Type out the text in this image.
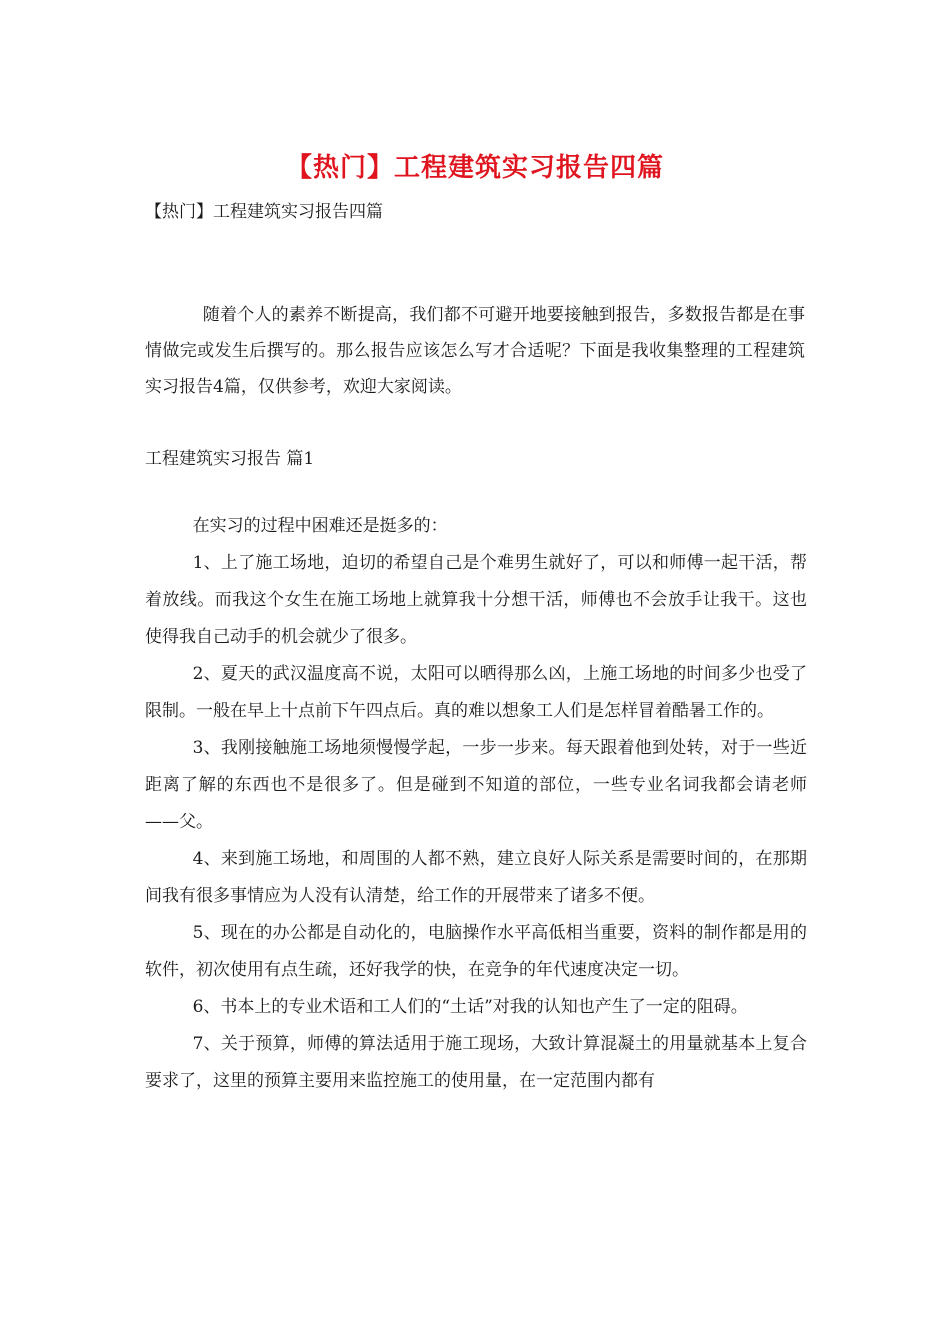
【热门】工程建筑实习报告四篇
【热门】工程建筑实习报告四篇

随着个人的素养不断提高，我们都不可避开地要接触到报告，多数报告都是在事情做完或发生后撰写的。那么报告应该怎么写才合适呢？下面是我收集整理的工程建筑实习报告4篇，仅供参考，欢迎大家阅读。

工程建筑实习报告 篇1

在实习的过程中困难还是挺多的：

1、上了施工场地，迫切的希望自己是个难男生就好了，可以和师傅一起干活，帮着放线。而我这个女生在施工场地上就算我十分想干活，师傅也不会放手让我干。这也使得我自己动手的机会就少了很多。

2、夏天的武汉温度高不说，太阳可以晒得那么凶，上施工场地的时间多少也受了限制。一般在早上十点前下午四点后。真的难以想象工人们是怎样冒着酷暑工作的。

3、我刚接触施工场地须慢慢学起，一步一步来。每天跟着他到处转，对于一些近距离了解的东西也不是很多了。但是碰到不知道的部位，一些专业名词我都会请老师——父。

4、来到施工场地，和周围的人都不熟，建立良好人际关系是需要时间的，在那期间我有很多事情应为人没有认清楚，给工作的开展带来了诸多不便。

5、现在的办公都是自动化的，电脑操作水平高低相当重要，资料的制作都是用的软件，初次使用有点生疏，还好我学的快，在竞争的年代速度决定一切。

6、书本上的专业术语和工人们的“土话”对我的认知也产生了一定的阻碍。

7、关于预算，师傅的算法适用于施工现场，大致计算混凝土的用量就基本上复合要求了，这里的预算主要用来监控施工的使用量，在一定范围内都有
